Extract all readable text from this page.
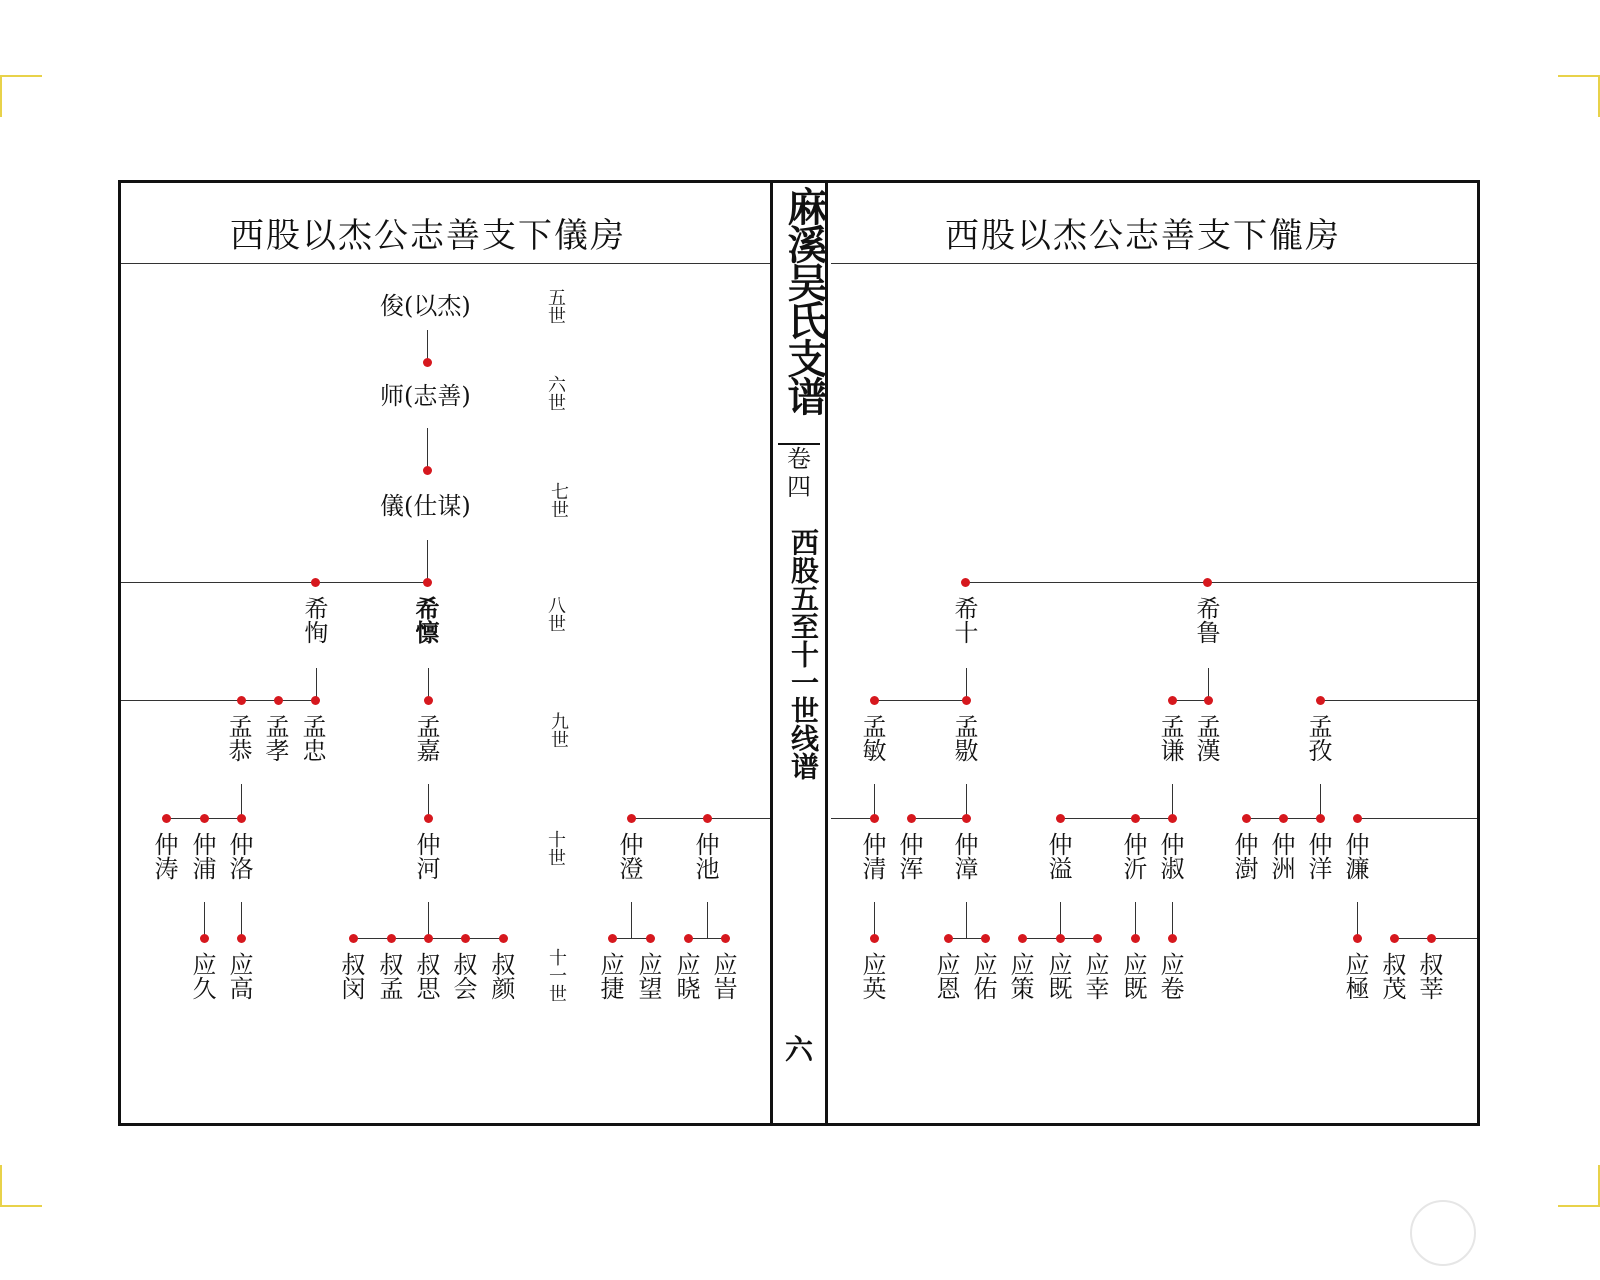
西股以杰公志善支下儀房	西股以杰公志善支下儱房
麻溪吴氏支谱
卷四
西股五至十一世线谱
六
五世
六世
七世
八世
九世
十世
十一世
俊(以杰)
师(志善)
儀(仕谋)
希恂	希懔
孟恭 孟孝 孟忠	孟嘉
仲涛 仲浦 仲洛	仲河	仲澄 仲池
应久 应高	叔闵 叔孟 叔思 叔会 叔颜	应捷 应望 应晓 应峕
希十	希鲁
孟敏	孟敭	孟谦 孟漢	孟孜
仲清 仲浑 仲漳	仲溢 仲沂 仲淑 仲澍 仲洲 仲洋 仲濂
应英 应恩 应佑 应策 应既 应幸 应既 应卷	应極 叔茂 叔莘
